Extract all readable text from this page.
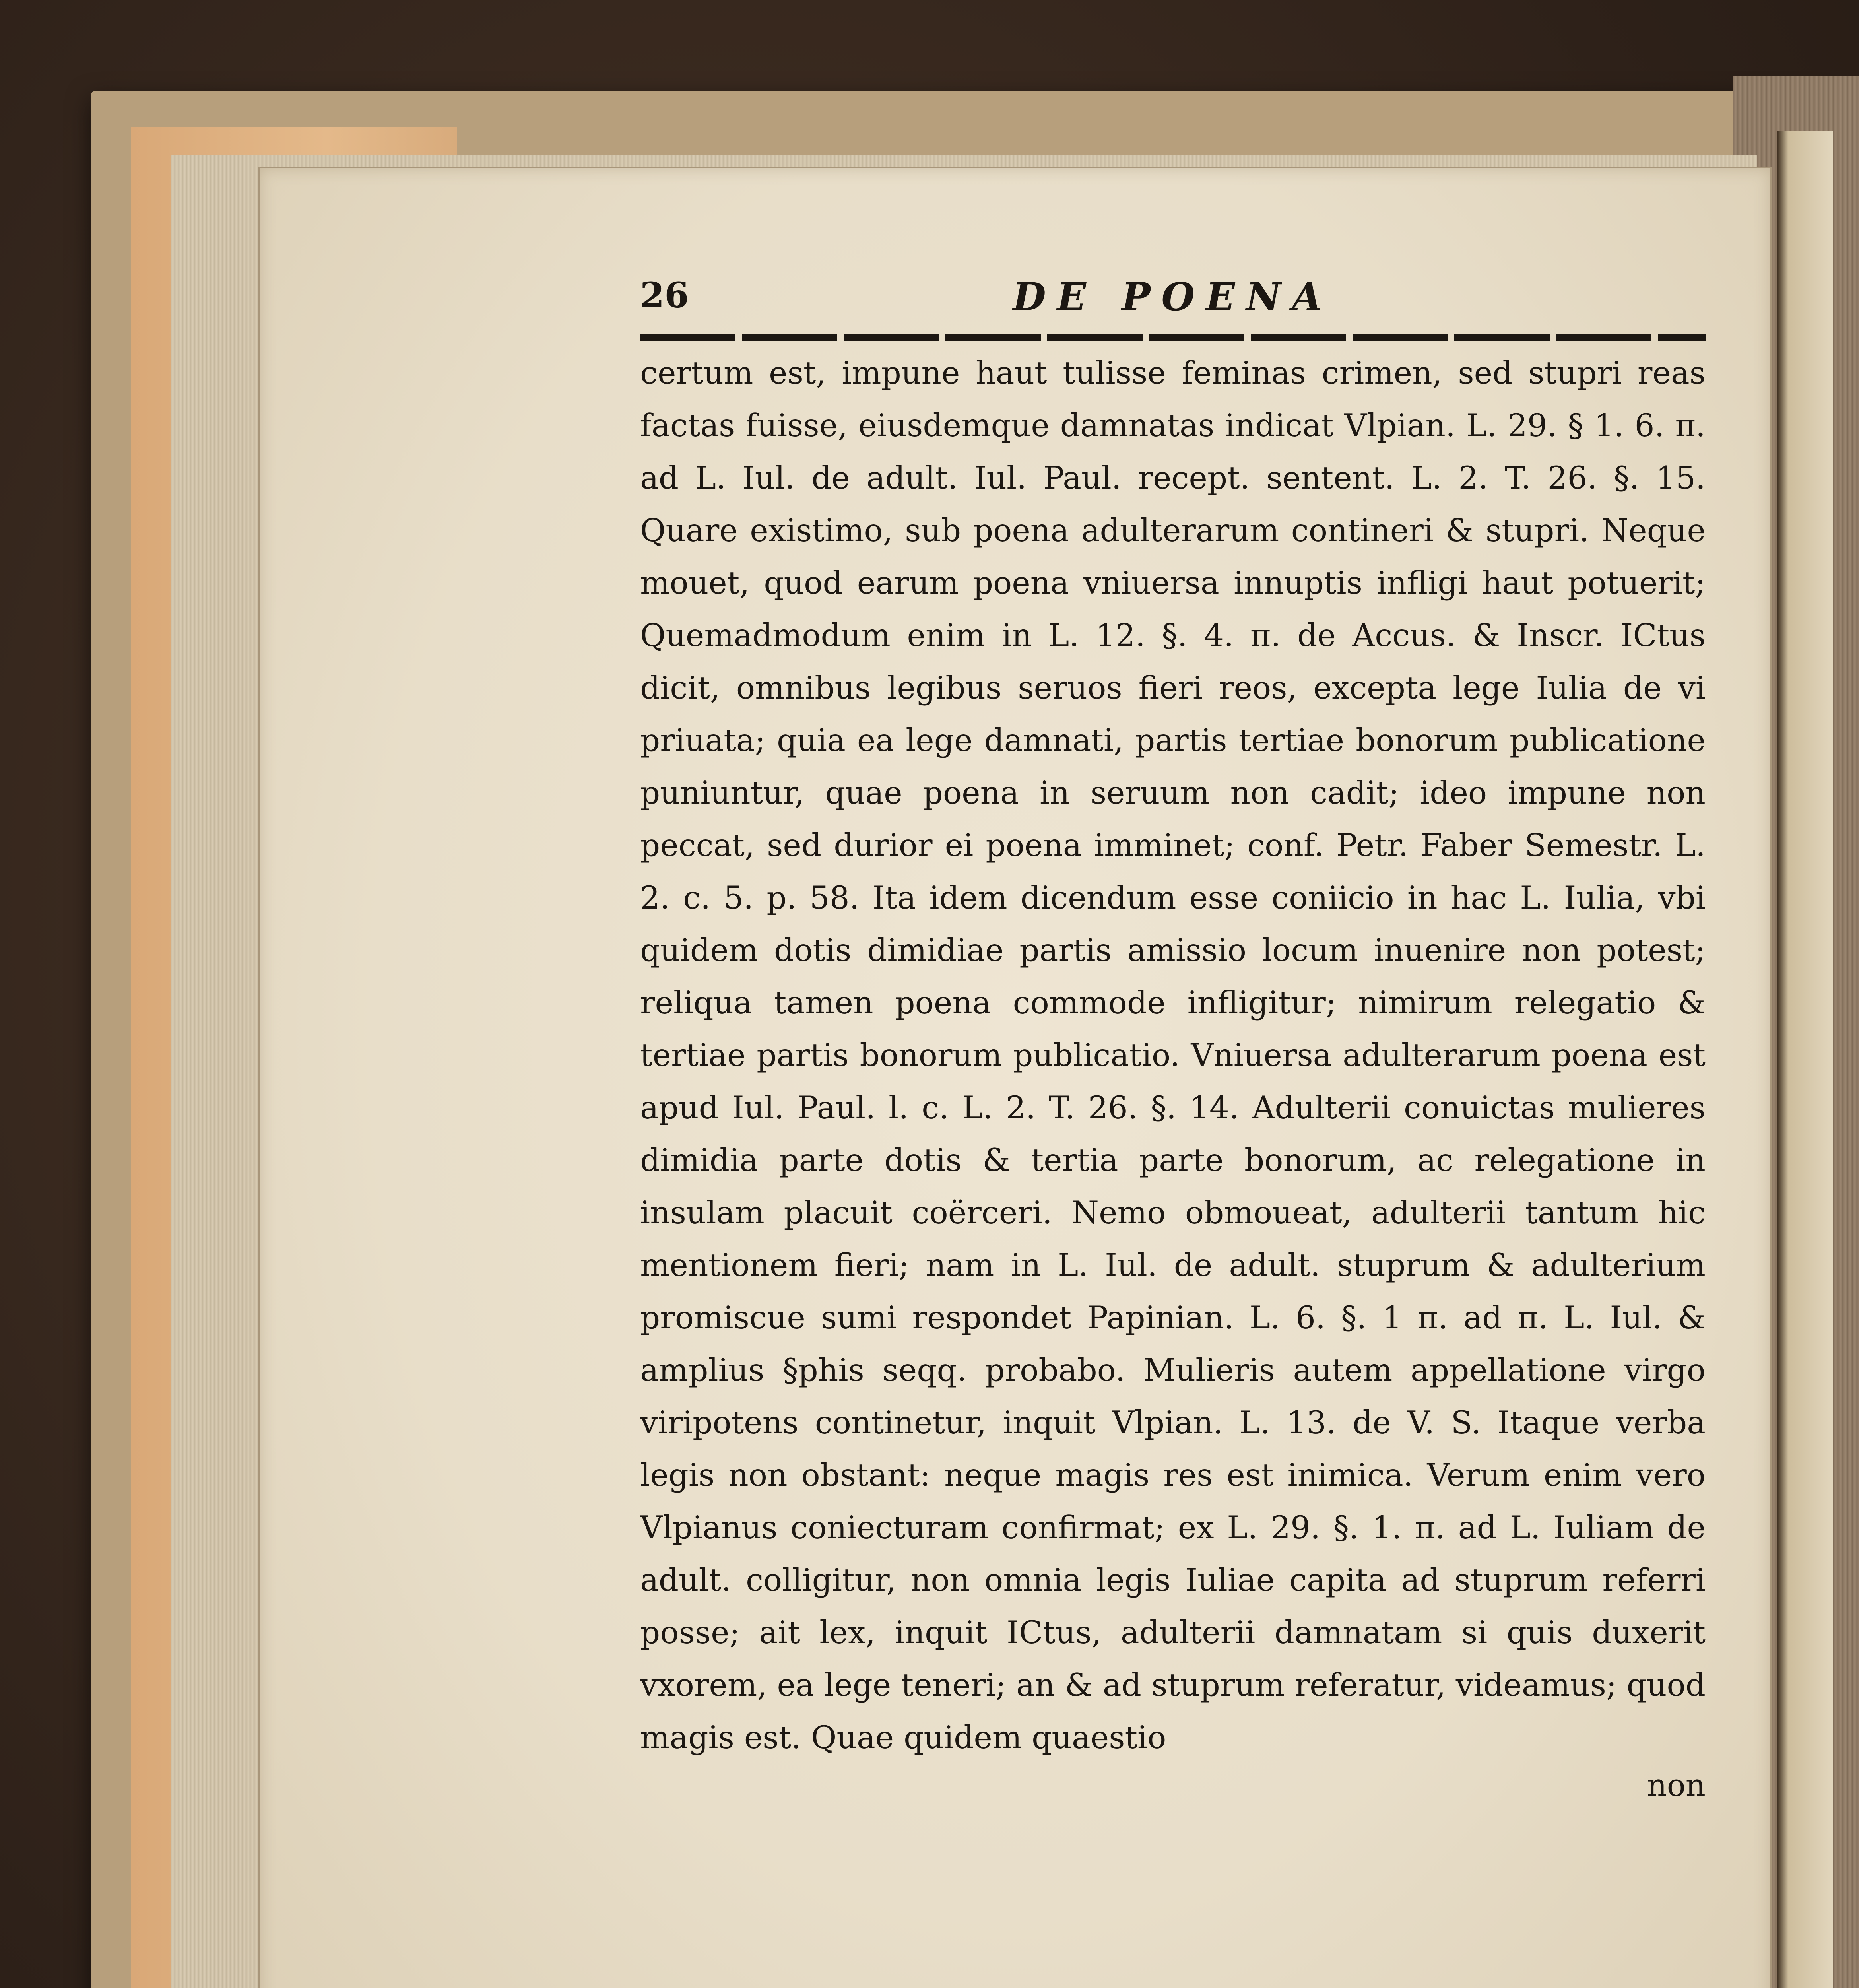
26	DE POENA

certum est, impune haut tulisse feminas crimen, sed stupri reas factas fuisse, eiusdemque damnatas indicat Vlpian. L. 29. § 1. 6. π. ad L. Iul. de adult. Iul. Paul. recept. sentent. L. 2. T. 26. §. 15. Quare existimo, sub poena adulterarum contineri & stupri. Neque mouet, quod earum poena vniuersa innuptis infligi haut potuerit; Quemadmodum enim in L. 12. §. 4. π. de Accus. & Inscr. ICtus dicit, omnibus legibus seruos fieri reos, excepta lege Iulia de vi priuata; quia ea lege damnati, partis tertiae bonorum publicatione puniuntur, quae poena in seruum non cadit; ideo impune non peccat, sed durior ei poena imminet; conf. Petr. Faber Semestr. L. 2. c. 5. p. 58. Ita idem dicendum esse coniicio in hac L. Iulia, vbi quidem dotis dimidiae partis amissio locum inuenire non potest; reliqua tamen poena commode infligitur; nimirum relegatio & tertiae partis bonorum publicatio. Vniuersa adulterarum poena est apud Iul. Paul. l. c. L. 2. T. 26. §. 14. Adulterii conuictas mulieres dimidia parte dotis & tertia parte bonorum, ac relegatione in insulam placuit coërceri. Nemo obmoueat, adulterii tantum hic mentionem fieri; nam in L. Iul. de adult. stuprum & adulterium promiscue sumi respondet Papinian. L. 6. §. 1 π. ad π. L. Iul. & amplius §phis seqq. probabo. Mulieris autem appellatione virgo viripotens continetur, inquit Vlpian. L. 13. de V. S. Itaque verba legis non obstant: neque magis res est inimica. Verum enim vero Vlpianus coniecturam confirmat; ex L. 29. §. 1. π. ad L. Iuliam de adult. colligitur, non omnia legis Iuliae capita ad stuprum referri posse; ait lex, inquit ICtus, adulterii damnatam si quis duxerit vxorem, ea lege teneri; an & ad stuprum referatur, videamus; quod magis est. Quae quidem quaestio

non
